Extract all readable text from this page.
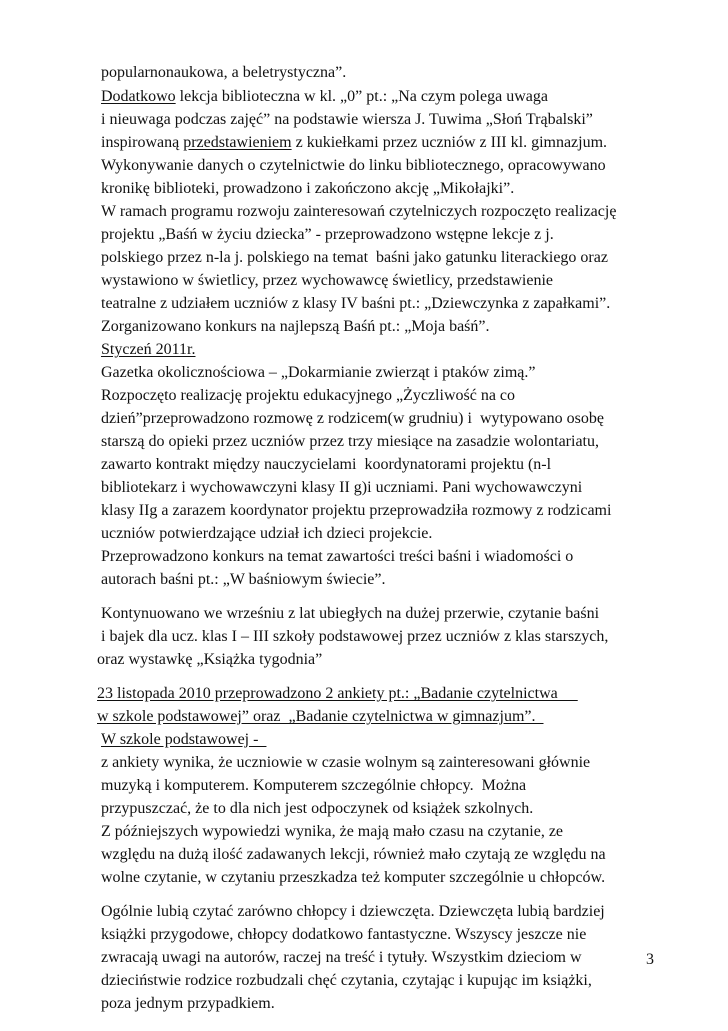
popularnonaukowa, a beletrystyczna”.
Dodatkowo lekcja biblioteczna w kl. „0” pt.: „Na czym polega uwaga
i nieuwaga podczas zajęć” na podstawie wiersza J. Tuwima „Słoń Trąbalski”
inspirowaną przedstawieniem z kukiełkami przez uczniów z III kl. gimnazjum.
Wykonywanie danych o czytelnictwie do linku bibliotecznego, opracowywano
kronikę biblioteki, prowadzono i zakończono akcję „Mikołajki”.
W ramach programu rozwoju zainteresowań czytelniczych rozpoczęto realizację
projektu „Baśń w życiu dziecka” - przeprowadzono wstępne lekcje z j.
polskiego przez n-la j. polskiego na temat  baśni jako gatunku literackiego oraz
wystawiono w świetlicy, przez wychowawcę świetlicy, przedstawienie
teatralne z udziałem uczniów z klasy IV baśni pt.: „Dziewczynka z zapałkami”.
Zorganizowano konkurs na najlepszą Baśń pt.: „Moja baśń”.
Styczeń 2011r.
Gazetka okolicznościowa – „Dokarmianie zwierząt i ptaków zimą.”
Rozpoczęto realizację projektu edukacyjnego „Życzliwość na co
dzień”przeprowadzono rozmowę z rodzicem(w grudniu) i  wytypowano osobę
starszą do opieki przez uczniów przez trzy miesiące na zasadzie wolontariatu,
zawarto kontrakt między nauczycielami  koordynatorami projektu (n-l
bibliotekarz i wychowawczyni klasy II g)i uczniami. Pani wychowawczyni
klasy IIg a zarazem koordynator projektu przeprowadziła rozmowy z rodzicami
uczniów potwierdzające udział ich dzieci projekcie.
Przeprowadzono konkurs na temat zawartości treści baśni i wiadomości o
autorach baśni pt.: „W baśniowym świecie”.
Kontynuowano we wrześniu z lat ubiegłych na dużej przerwie, czytanie baśni
i bajek dla ucz. klas I – III szkoły podstawowej przez uczniów z klas starszych,
oraz wystawkę „Książka tygodnia”
23 listopada 2010 przeprowadzono 2 ankiety pt.: „Badanie czytelnictwa
w szkole podstawowej” oraz  „Badanie czytelnictwa w gimnazjum”.
W szkole podstawowej -
z ankiety wynika, że uczniowie w czasie wolnym są zainteresowani głównie
muzyką i komputerem. Komputerem szczególnie chłopcy.  Można
przypuszczać, że to dla nich jest odpoczynek od książek szkolnych.
Z późniejszych wypowiedzi wynika, że mają mało czasu na czytanie, ze
względu na dużą ilość zadawanych lekcji, również mało czytają ze względu na
wolne czytanie, w czytaniu przeszkadza też komputer szczególnie u chłopców.
Ogólnie lubią czytać zarówno chłopcy i dziewczęta. Dziewczęta lubią bardziej
książki przygodowe, chłopcy dodatkowo fantastyczne. Wszyscy jeszcze nie
zwracają uwagi na autorów, raczej na treść i tytuły. Wszystkim dzieciom w
dzieciństwie rodzice rozbudzali chęć czytania, czytając i kupując im książki,
poza jednym przypadkiem.
3
